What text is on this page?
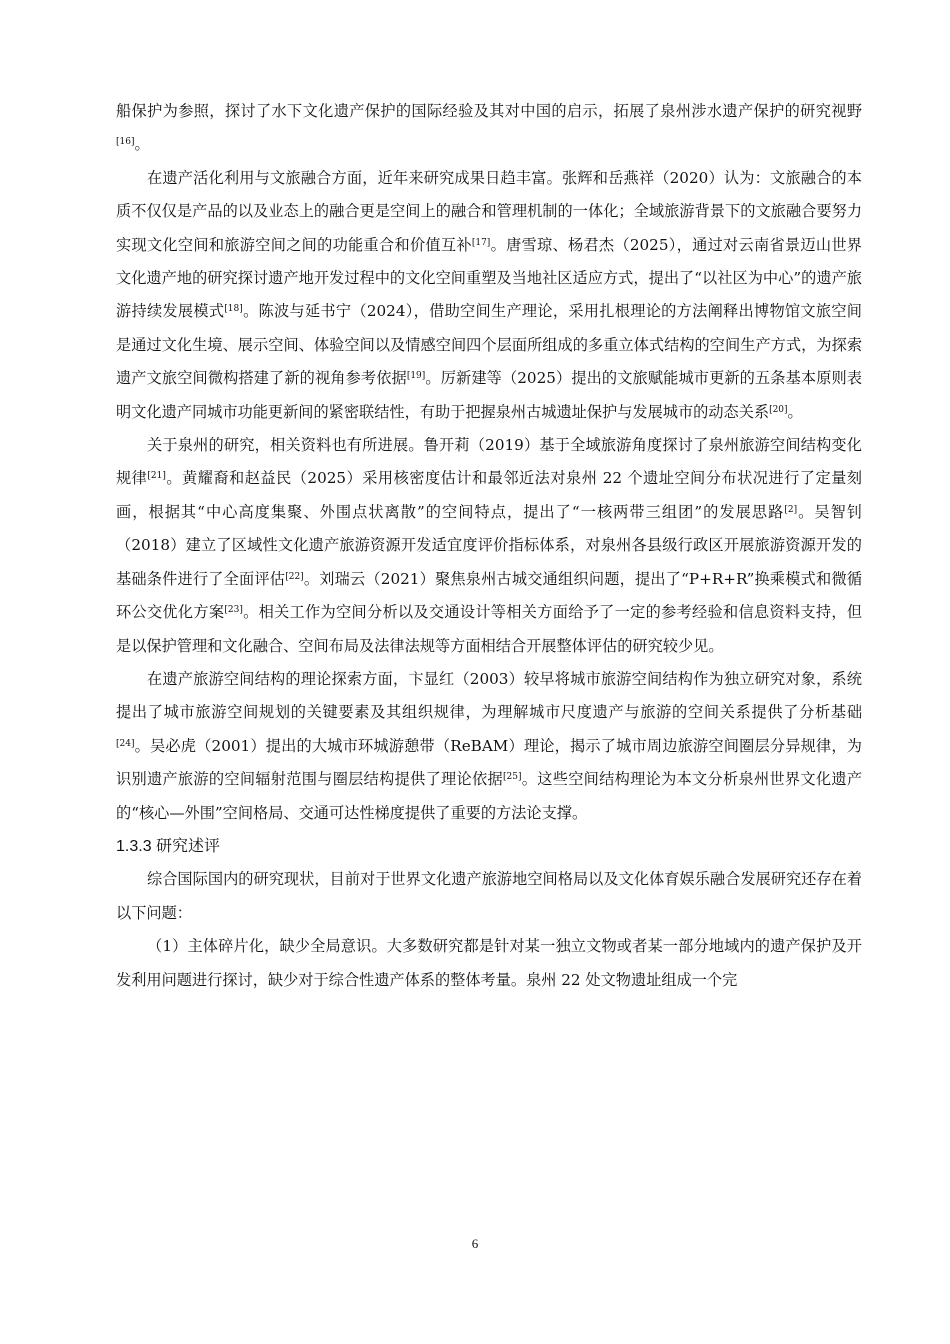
船保护为参照，探讨了水下文化遗产保护的国际经验及其对中国的启示，拓展了泉州涉水遗产保护的研究视野[16]。

在遗产活化利用与文旅融合方面，近年来研究成果日趋丰富。张辉和岳燕祥（2020）认为：文旅融合的本质不仅仅是产品的以及业态上的融合更是空间上的融合和管理机制的一体化；全域旅游背景下的文旅融合要努力实现文化空间和旅游空间之间的功能重合和价值互补[17]。唐雪琼、杨君杰（2025），通过对云南省景迈山世界文化遗产地的研究探讨遗产地开发过程中的文化空间重塑及当地社区适应方式，提出了“以社区为中心”的遗产旅游持续发展模式[18]。陈波与延书宁（2024），借助空间生产理论，采用扎根理论的方法阐释出博物馆文旅空间是通过文化生境、展示空间、体验空间以及情感空间四个层面所组成的多重立体式结构的空间生产方式，为探索遗产文旅空间微构搭建了新的视角参考依据[19]。厉新建等（2025）提出的文旅赋能城市更新的五条基本原则表明文化遗产同城市功能更新间的紧密联结性，有助于把握泉州古城遗址保护与发展城市的动态关系[20]。

关于泉州的研究，相关资料也有所进展。鲁开莉（2019）基于全域旅游角度探讨了泉州旅游空间结构变化规律[21]。黄耀裔和赵益民（2025）采用核密度估计和最邻近法对泉州 22 个遗址空间分布状况进行了定量刻画，根据其“中心高度集聚、外围点状离散”的空间特点，提出了“一核两带三组团”的发展思路[2]。吴智钊（2018）建立了区域性文化遗产旅游资源开发适宜度评价指标体系，对泉州各县级行政区开展旅游资源开发的基础条件进行了全面评估[22]。刘瑞云（2021）聚焦泉州古城交通组织问题，提出了“P+R+R”换乘模式和微循环公交优化方案[23]。相关工作为空间分析以及交通设计等相关方面给予了一定的参考经验和信息资料支持，但是以保护管理和文化融合、空间布局及法律法规等方面相结合开展整体评估的研究较少见。

在遗产旅游空间结构的理论探索方面，卞显红（2003）较早将城市旅游空间结构作为独立研究对象，系统提出了城市旅游空间规划的关键要素及其组织规律，为理解城市尺度遗产与旅游的空间关系提供了分析基础[24]。吴必虎（2001）提出的大城市环城游憩带（ReBAM）理论，揭示了城市周边旅游空间圈层分异规律，为识别遗产旅游的空间辐射范围与圈层结构提供了理论依据[25]。这些空间结构理论为本文分析泉州世界文化遗产的“核心—外围”空间格局、交通可达性梯度提供了重要的方法论支撑。

1.3.3 研究述评

综合国际国内的研究现状，目前对于世界文化遗产旅游地空间格局以及文化体育娱乐融合发展研究还存在着以下问题：

（1）主体碎片化，缺少全局意识。大多数研究都是针对某一独立文物或者某一部分地域内的遗产保护及开发利用问题进行探讨，缺少对于综合性遗产体系的整体考量。泉州 22 处文物遗址组成一个完

6
